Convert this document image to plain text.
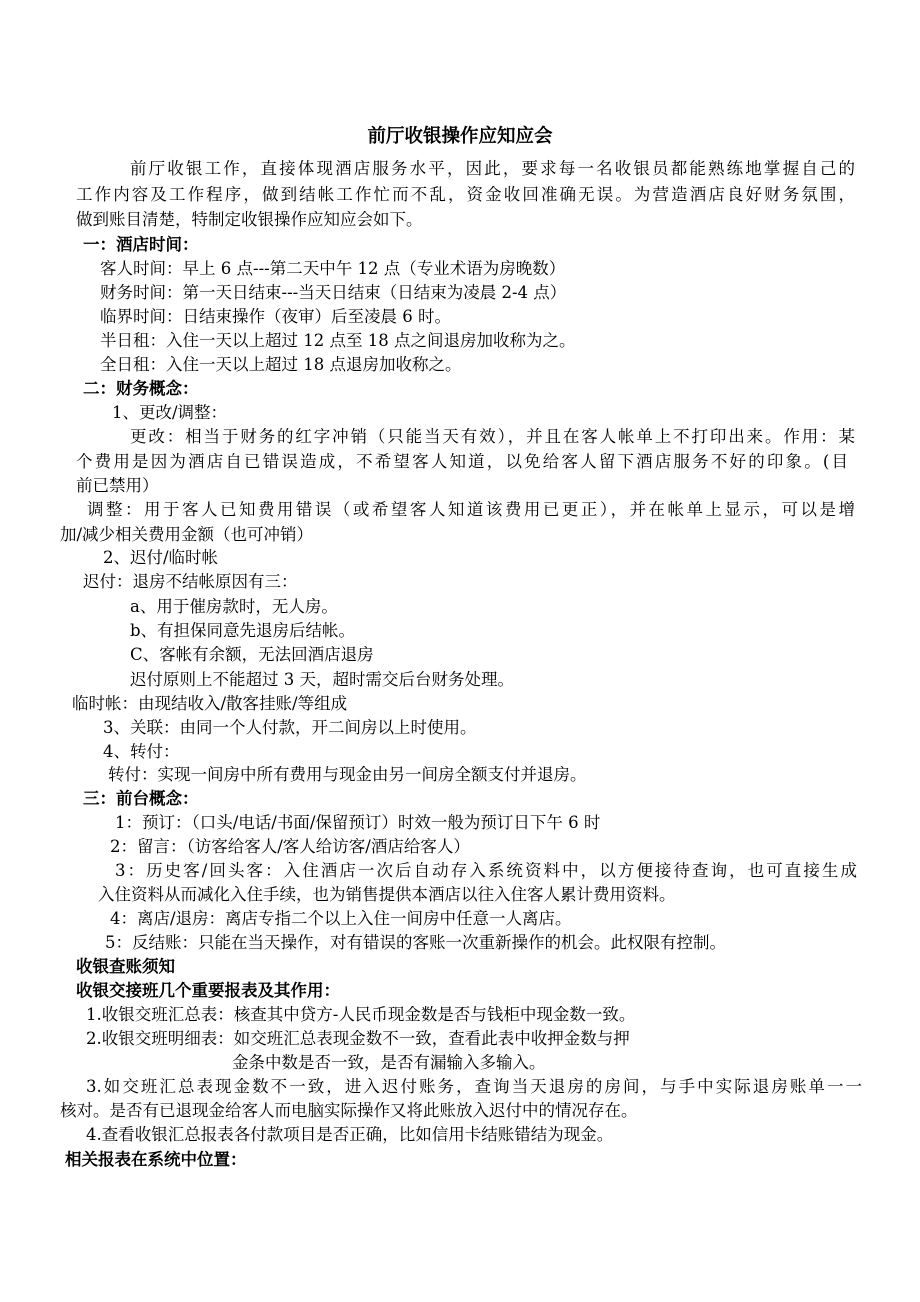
前厅收银操作应知应会
前厅收银工作，直接体现酒店服务水平，因此，要求每一名收银员都能熟练地掌握自己的
工作内容及工作程序，做到结帐工作忙而不乱，资金收回准确无误。为营造酒店良好财务氛围，
做到账目清楚，特制定收银操作应知应会如下。
一：酒店时间：
客人时间：早上 6 点---第二天中午 12 点（专业术语为房晚数）
财务时间：第一天日结束---当天日结束（日结束为凌晨 2-4 点）
临界时间：日结束操作（夜审）后至凌晨 6 时。
半日租：入住一天以上超过 12 点至 18 点之间退房加收称为之。
全日租：入住一天以上超过 18 点退房加收称之。
二：财务概念：
1、更改/调整：
更改：相当于财务的红字冲销（只能当天有效），并且在客人帐单上不打印出来。作用：某
个费用是因为酒店自已错误造成，不希望客人知道，以免给客人留下酒店服务不好的印象。(目
前已禁用）
调整：用于客人已知费用错误（或希望客人知道该费用已更正），并在帐单上显示，可以是增
加/减少相关费用金额（也可冲销）
2、迟付/临时帐
迟付：退房不结帐原因有三：
a、用于催房款时，无人房。
b、有担保同意先退房后结帐。
C、客帐有余额，无法回酒店退房
迟付原则上不能超过 3 天，超时需交后台财务处理。
临时帐：由现结收入/散客挂账/等组成
3、关联：由同一个人付款，开二间房以上时使用。
4、转付：
转付：实现一间房中所有费用与现金由另一间房全额支付并退房。
三：前台概念：
1：预订：（口头/电话/书面/保留预订）时效一般为预订日下午 6 时
2：留言：（访客给客人/客人给访客/酒店给客人）
3：历史客/回头客：入住酒店一次后自动存入系统资料中，以方便接待查询，也可直接生成
入住资料从而减化入住手续，也为销售提供本酒店以往入住客人累计费用资料。
4：离店/退房：离店专指二个以上入住一间房中任意一人离店。
5：反结账：只能在当天操作，对有错误的客账一次重新操作的机会。此权限有控制。
收银查账须知
收银交接班几个重要报表及其作用：
1.收银交班汇总表：核查其中贷方-人民币现金数是否与钱柜中现金数一致。
2.收银交班明细表：如交班汇总表现金数不一致，查看此表中收押金数与押
金条中数是否一致，是否有漏输入多输入。
3.如交班汇总表现金数不一致，进入迟付账务，查询当天退房的房间，与手中实际退房账单一一
核对。是否有已退现金给客人而电脑实际操作又将此账放入迟付中的情况存在。
4.查看收银汇总报表各付款项目是否正确，比如信用卡结账错结为现金。
相关报表在系统中位置：
